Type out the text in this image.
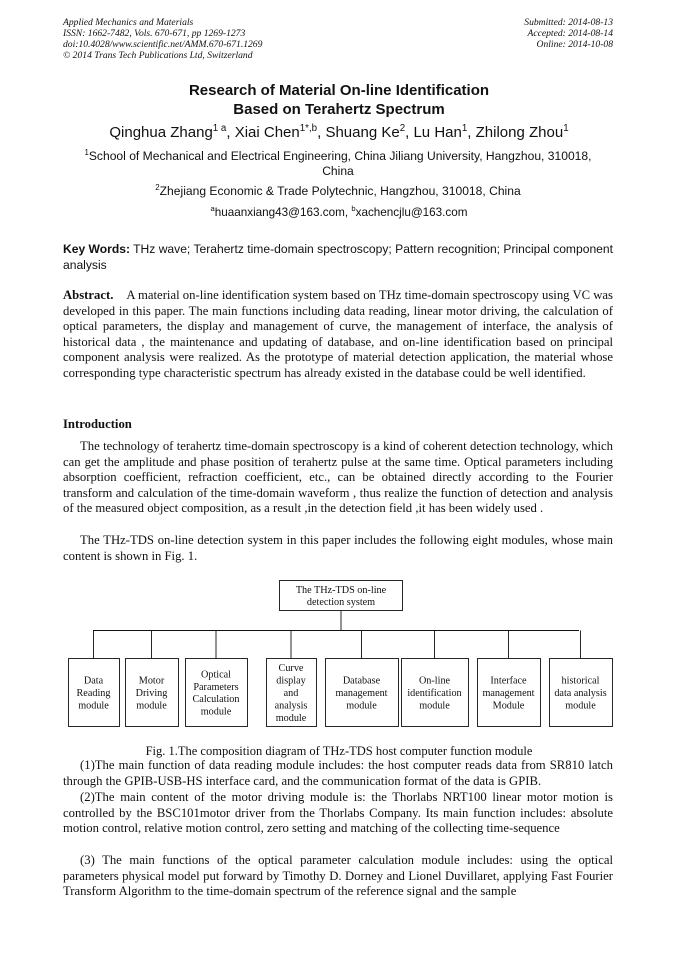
Applied Mechanics and Materials
ISSN: 1662-7482, Vols. 670-671, pp 1269-1273
doi:10.4028/www.scientific.net/AMM.670-671.1269
© 2014 Trans Tech Publications Ltd, Switzerland
Submitted: 2014-08-13
Accepted: 2014-08-14
Online: 2014-10-08
Research of Material On-line Identification
Based on Terahertz Spectrum
Qinghua Zhang$^{1 a}$, Xiai Chen$^{1*,b}$, Shuang Ke$^2$, Lu Han$^1$, Zhilong Zhou$^1$
$^1$School of Mechanical and Electrical Engineering, China Jiliang University, Hangzhou, 310018,
China
$^2$Zhejiang Economic & Trade Polytechnic, Hangzhou, 310018, China
$^a$huaanxiang43@163.com, $^b$xachencjlu@163.com
Key Words: THz wave; Terahertz time-domain spectroscopy; Pattern recognition; Principal component analysis
Abstract. A material on-line identification system based on THz time-domain spectroscopy using VC was developed in this paper. The main functions including data reading, linear motor driving, the calculation of optical parameters, the display and management of curve, the management of interface, the analysis of historical data , the maintenance and updating of database, and on-line identification based on principal component analysis were realized. As the prototype of material detection application, the material whose corresponding type characteristic spectrum has already existed in the database could be well identified.
Introduction
The technology of terahertz time-domain spectroscopy is a kind of coherent detection technology, which can get the amplitude and phase position of terahertz pulse at the same time. Optical parameters including absorption coefficient, refraction coefficient, etc., can be obtained directly according to the Fourier transform and calculation of the time-domain waveform , thus realize the function of detection and analysis of the measured object composition, as a result ,in the detection field ,it has been widely used .
The THz-TDS on-line detection system in this paper includes the following eight modules, whose main content is shown in Fig. 1.
The THz-TDS on-line
detection system
Data
Reading
module
Motor
Driving
module
Optical
Parameters
Calculation
module
Curve
display
and
analysis
module
Database
management
module
On-line
identification
module
Interface
management
Module
historical
data analysis
module
Fig. 1.The composition diagram of THz-TDS host computer function module
(1)The main function of data reading module includes: the host computer reads data from SR810 latch through the GPIB-USB-HS interface card, and the communication format of the data is GPIB.
(2)The main content of the motor driving module is: the Thorlabs NRT100 linear motor motion is controlled by the BSC101motor driver from the Thorlabs Company. Its main function includes: absolute motion control, relative motion control, zero setting and matching of the collecting time-sequence
(3) The main functions of the optical parameter calculation module includes: using the optical parameters physical model put forward by Timothy D. Dorney and Lionel Duvillaret, applying Fast Fourier Transform Algorithm to the time-domain spectrum of the reference signal and the sample
